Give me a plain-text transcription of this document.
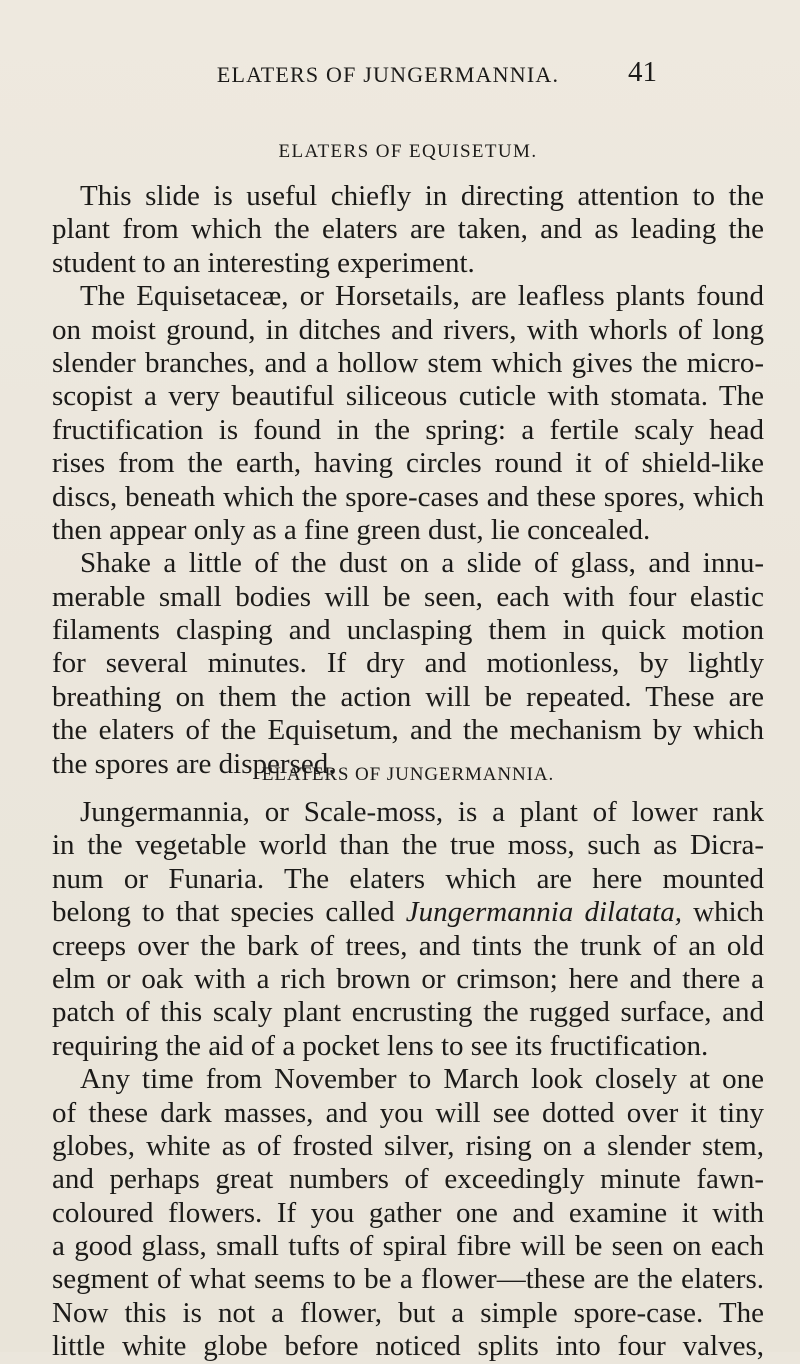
ELATERS OF JUNGERMANNIA.	41
ELATERS OF EQUISETUM.
This slide is useful chiefly in directing attention to the
plant from which the elaters are taken, and as leading the
student to an interesting experiment.
The Equisetaceæ, or Horsetails, are leafless plants found
on moist ground, in ditches and rivers, with whorls of long
slender branches, and a hollow stem which gives the micro-
scopist a very beautiful siliceous cuticle with stomata. The
fructification is found in the spring: a fertile scaly head
rises from the earth, having circles round it of shield-like
discs, beneath which the spore-cases and these spores, which
then appear only as a fine green dust, lie concealed.
Shake a little of the dust on a slide of glass, and innu-
merable small bodies will be seen, each with four elastic
filaments clasping and unclasping them in quick motion
for several minutes. If dry and motionless, by lightly
breathing on them the action will be repeated. These are
the elaters of the Equisetum, and the mechanism by which
the spores are dispersed.
ELATERS OF JUNGERMANNIA.
Jungermannia, or Scale-moss, is a plant of lower rank
in the vegetable world than the true moss, such as Dicra-
num or Funaria. The elaters which are here mounted
belong to that species called Jungermannia dilatata, which
creeps over the bark of trees, and tints the trunk of an old
elm or oak with a rich brown or crimson; here and there a
patch of this scaly plant encrusting the rugged surface, and
requiring the aid of a pocket lens to see its fructification.
Any time from November to March look closely at one
of these dark masses, and you will see dotted over it tiny
globes, white as of frosted silver, rising on a slender stem,
and perhaps great numbers of exceedingly minute fawn-
coloured flowers. If you gather one and examine it with
a good glass, small tufts of spiral fibre will be seen on each
segment of what seems to be a flower—these are the elaters.
Now this is not a flower, but a simple spore-case. The
little white globe before noticed splits into four valves,
